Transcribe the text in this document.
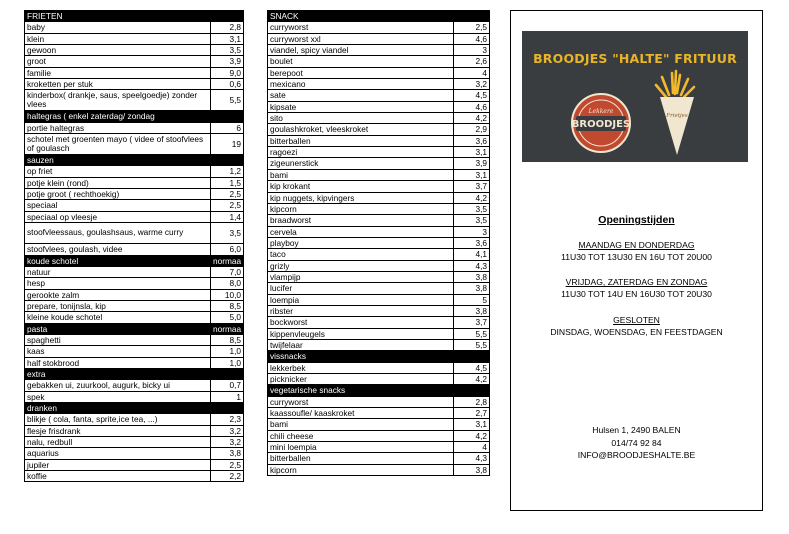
FRIETEN	
baby	2,8
klein	3,1
gewoon	3,5
groot	3,9
familie	9,0
kroketten per stuk	0,6
kinderbox( drankje, saus, speelgoedje) zonder vlees	5,5
haltegras ( enkel zaterdag/ zondag	
portie haltegras	6
schotel met groenten mayo ( videe of stoofvlees of goulasch	19
sauzen	
op friet	1,2
potje klein (rond)	1,5
potje groot ( rechthoekig)	2,5
speciaal	2,5
speciaal op vleesje	1,4
stoofvleessaus, goulashsaus, warme curry	3,5
stoofvlees, goulash, videe	6,0
koude schotel	normaa
natuur	7,0
hesp	8,0
gerookte zalm	10,0
prepare, tonijnsla, kip	8,5
kleine koude schotel	5,0
pasta	normaa
spaghetti	8,5
kaas	1,0
half stokbrood	1,0
extra	
gebakken ui, zuurkool, augurk, bicky ui	0,7
spek	1
dranken	
blikje ( cola, fanta, sprite,ice tea, ...)	2,3
flesje frisdrank	3,2
nalu, redbull	3,2
aquarius	3,8
jupiler	2,5
koffie	2,2
SNACK	
curryworst	2,5
curryworst xxl	4,6
viandel, spicy viandel	3
boulet	2,6
berepoot	4
mexicano	3,2
sate	4,5
kipsate	4,6
sito	4,2
goulashkroket, vleeskroket	2,9
bitterballen	3,6
ragoezi	3,1
zigeunerstick	3,9
bami	3,1
kip krokant	3,7
kip nuggets, kipvingers	4,2
kipcorn	3,5
braadworst	3,5
cervela	3
playboy	3,6
taco	4,1
grizly	4,3
vlampijp	3,8
lucifer	3,8
loempia	5
ribster	3,8
bockworst	3,7
kippenvleugels	5,5
twijfelaar	5,5
vissnacks	
lekkerbek	4,5
picknicker	4,2
vegetarische snacks	
curryworst	2,8
kaassoufle/ kaaskroket	2,7
bami	3,1
chili cheese	4,2
mini loempia	4
bitterballen	4,3
kipcorn	3,8
BROODJES "HALTE" FRITUUR
Lekkere
BROODJES
Frietjes
Openingstijden
MAANDAG EN DONDERDAG
11U30 TOT 13U30 EN 16U TOT 20U00
VRIJDAG, ZATERDAG EN ZONDAG
11U30 TOT 14U EN 16U30 TOT 20U30
GESLOTEN
DINSDAG, WOENSDAG, EN FEESTDAGEN
Hulsen 1, 2490 BALEN
014/74 92 84
INFO@BROODJESHALTE.BE
